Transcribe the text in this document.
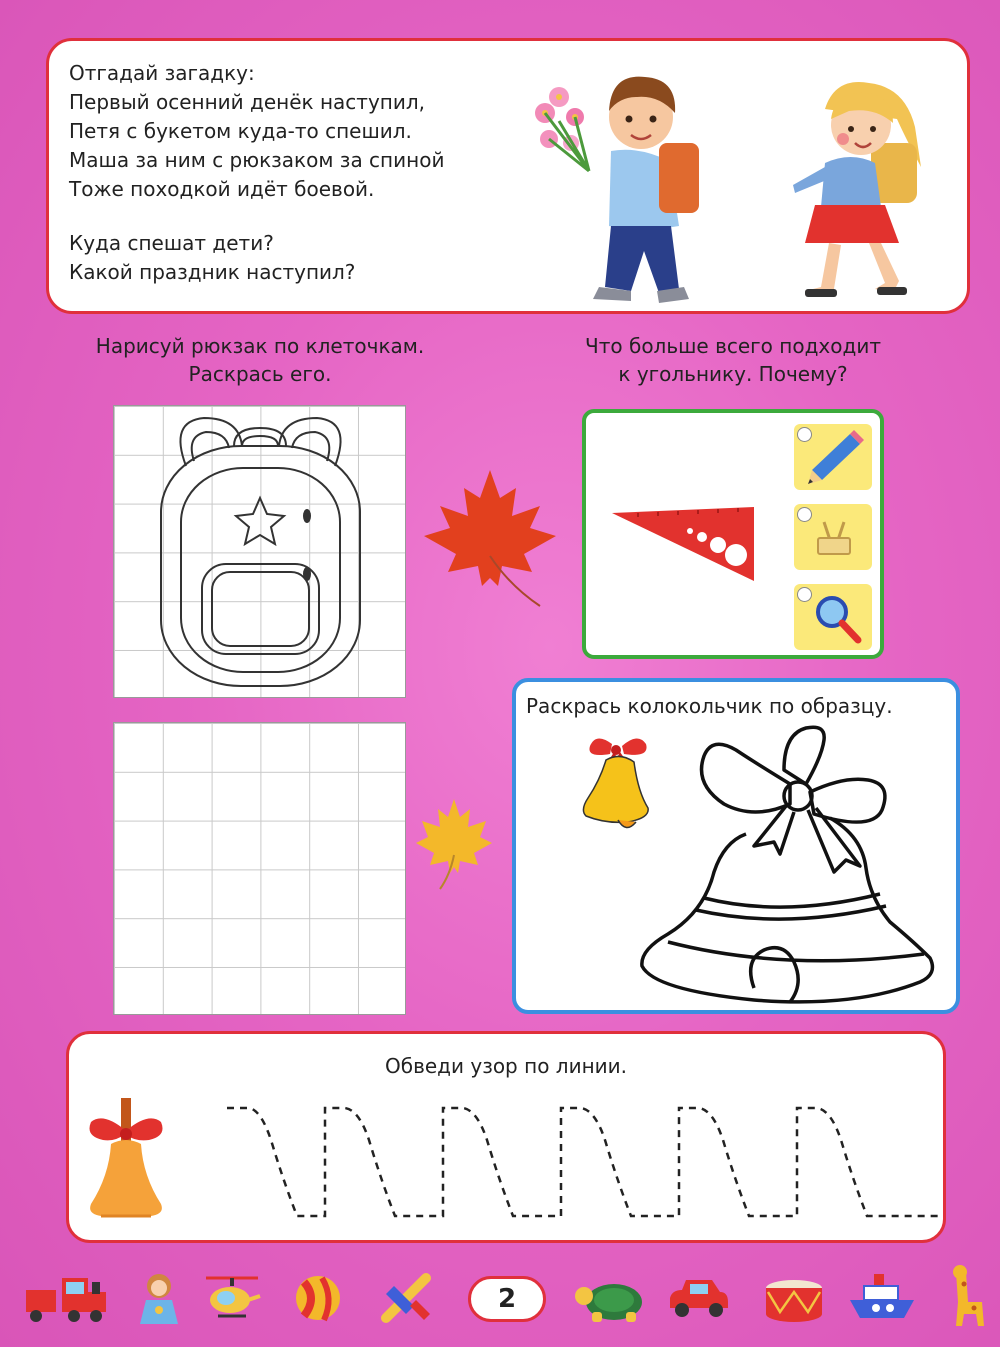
Отгадай загадку:
Первый осенний денёк наступил,
Петя с букетом куда-то спешил.
Маша за ним с рюкзаком за спиной
Тоже походкой идёт боевой.
Куда спешат дети?
Какой праздник наступил?
Нарисуй рюкзак по клеточкам.
Раскрась его.
Что больше всего подходит
к угольнику. Почему?
Раскрась колокольчик по образцу.
Обведи узор по линии.
2
